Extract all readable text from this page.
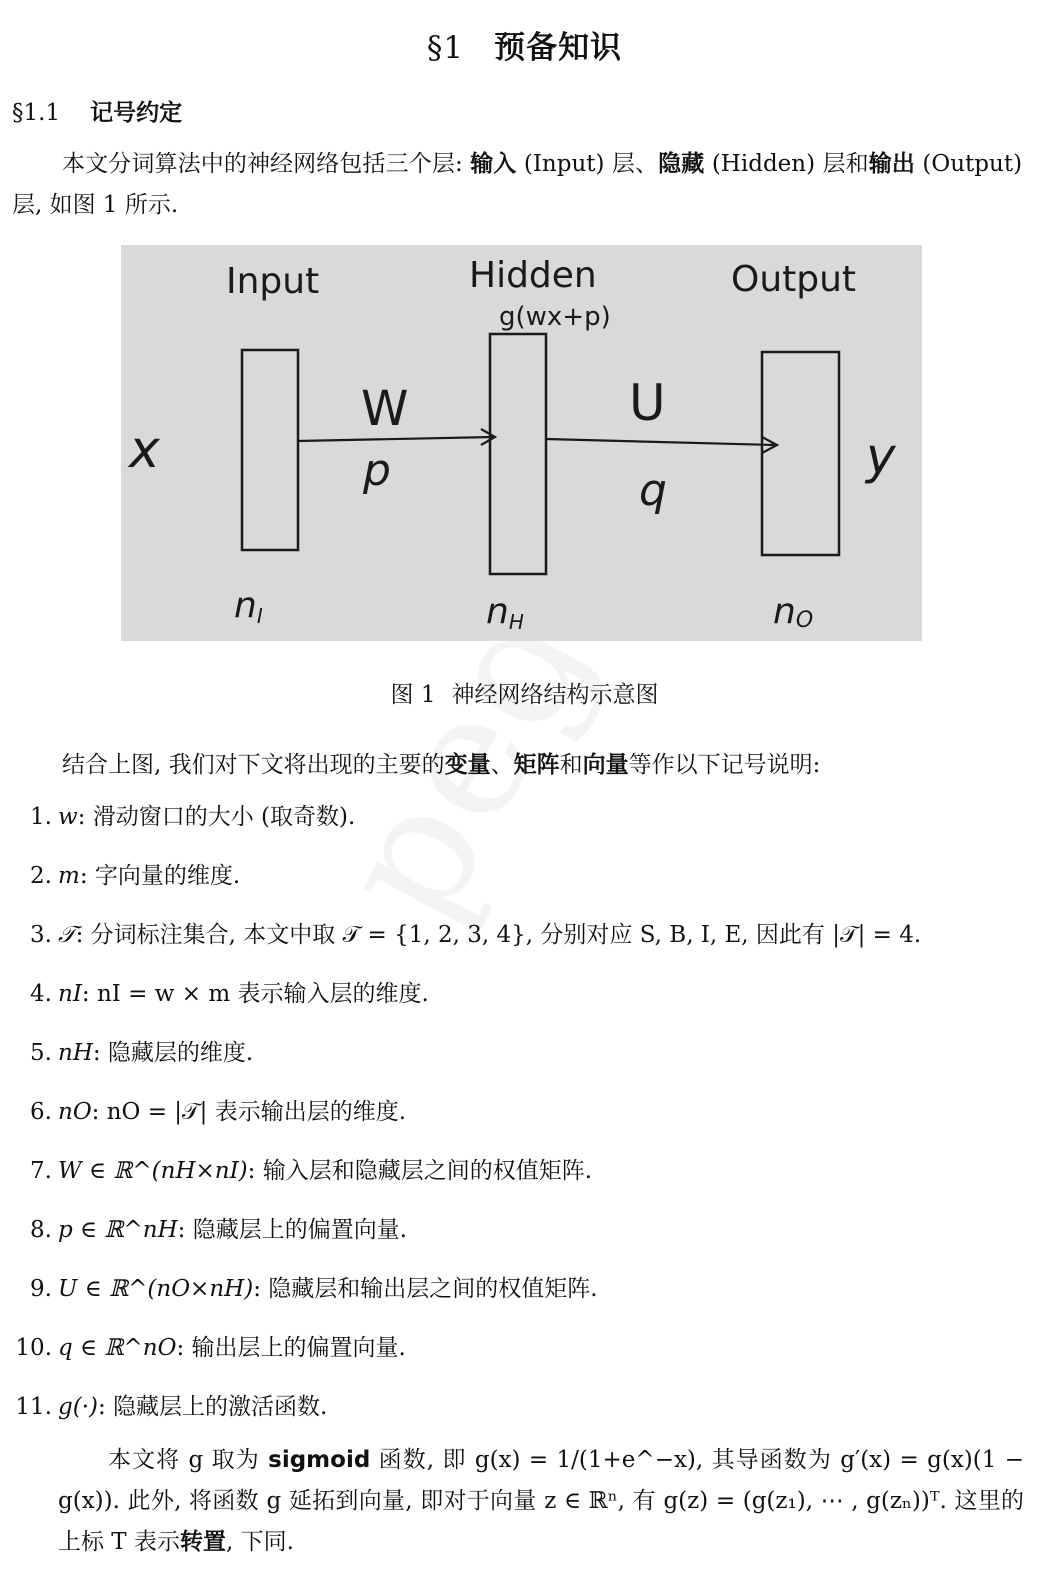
§1 预备知识
§1.1 记号约定
本文分词算法中的神经网络包括三个层: 输入 (Input) 层、隐藏 (Hidden) 层和输出 (Output) 层, 如图 1 所示.
Input	Hidden
g(wx+p)
Output
x	y
W
p
U
q
nI	nH	nO
图 1 神经网络结构示意图
结合上图, 我们对下文将出现的主要的变量、矩阵和向量等作以下记号说明:
1. w: 滑动窗口的大小 (取奇数).
2. m: 字向量的维度.
3. 𝒯: 分词标注集合, 本文中取 𝒯 = {1, 2, 3, 4}, 分别对应 S, B, I, E, 因此有 |𝒯| = 4.
4. nI: nI = w × m 表示输入层的维度.
5. nH: 隐藏层的维度.
6. nO: nO = |𝒯| 表示输出层的维度.
7. W ∈ ℝ^(nH×nI): 输入层和隐藏层之间的权值矩阵.
8. p ∈ ℝ^nH: 隐藏层上的偏置向量.
9. U ∈ ℝ^(nO×nH): 隐藏层和输出层之间的权值矩阵.
10. q ∈ ℝ^nO: 输出层上的偏置向量.
11. g(·): 隐藏层上的激活函数.
本文将 g 取为 sigmoid 函数, 即 g(x) = 1/(1+e^−x), 其导函数为 g′(x) = g(x)(1 − g(x)). 此外, 将函数 g 延拓到向量, 即对于向量 z ∈ ℝⁿ, 有 g(z) = (g(z₁), ⋯ , g(zₙ))ᵀ. 这里的上标 T 表示转置, 下同.
